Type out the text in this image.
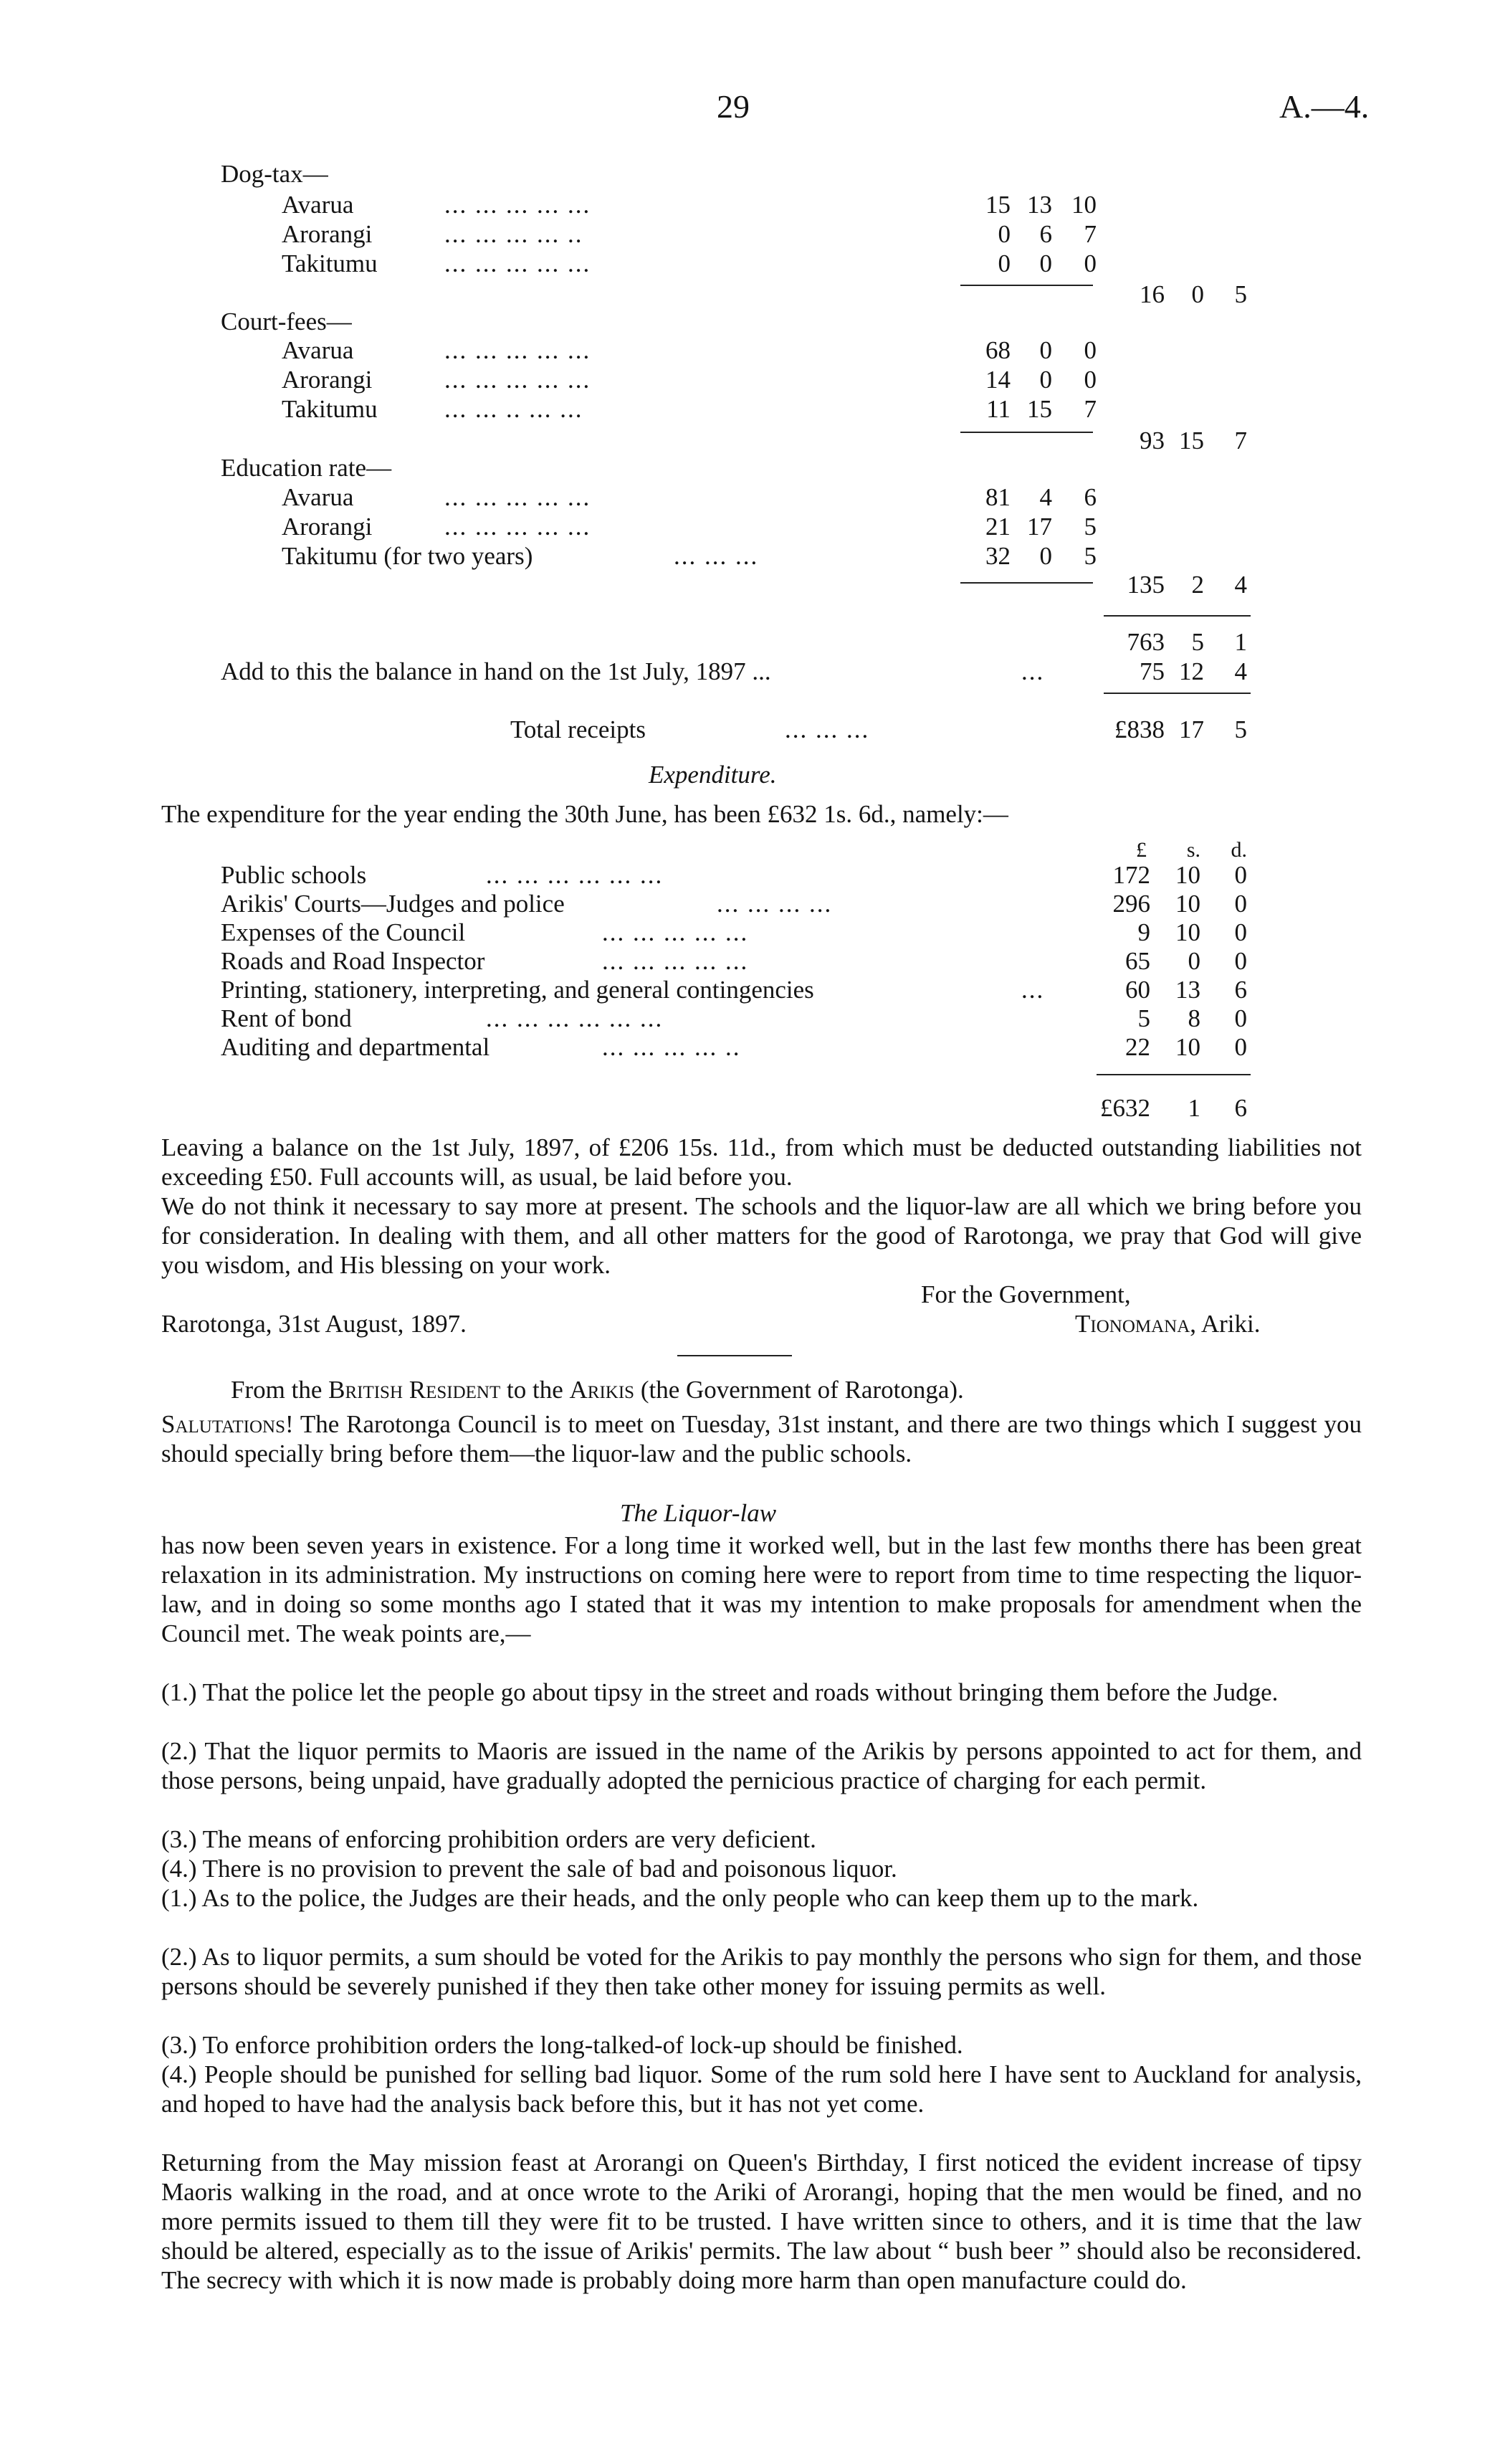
29	A.—4.
Dog-tax—
Avarua	... ... ... ... ...	15 13 10
Arorangi	... ... ... ... ..	0	6	7
Takitumu	... ... ... ... ...	0	0	0
16	0	5
Court-fees—
Avarua	... ... ... ... ...	68	0	0
Arorangi	... ... ... ... ...	14	0	0
Takitumu	... ... .. ... ...	11 15	7
93 15	7
Education rate—
Avarua	... ... ... ... ...	81	4	6
Arorangi	... ... ... ... ...	21 17	5
Takitumu (for two years)	... ... ...	32	0	5
135	2	4
763	5	1
Add to this the balance in hand on the 1st July, 1897 ...	...	75 12	4
Total receipts	... ... ...	£838 17	5
Expenditure.
The expenditure for the year ending the 30th June, has been £632 1s. 6d., namely:—
£	s.	d.
Public schools	... ... ... ... ... ...	172	10	0
Arikis' Courts—Judges and police	... ... ... ...	296	10	0
Expenses of the Council	... ... ... ... ...	9	10	0
Roads and Road Inspector	... ... ... ... ...	65	0	0
Printing, stationery, interpreting, and general contingencies	...	60	13	6
Rent of bond	... ... ... ... ... ...	5	8	0
Auditing and departmental	... ... ... ... ..	22	10	0
£632	1	6
Leaving a balance on the 1st July, 1897, of £206 15s. 11d., from which must be deducted outstanding liabilities not exceeding £50. Full accounts will, as usual, be laid before you.
We do not think it necessary to say more at present. The schools and the liquor-law are all which we bring before you for consideration. In dealing with them, and all other matters for the good of Rarotonga, we pray that God will give you wisdom, and His blessing on your work.
For the Government,
Rarotonga, 31st August, 1897.	Tionomana, Ariki.
From the British Resident to the Arikis (the Government of Rarotonga).
Salutations! The Rarotonga Council is to meet on Tuesday, 31st instant, and there are two things which I suggest you should specially bring before them—the liquor-law and the public schools.
The Liquor-law
has now been seven years in existence. For a long time it worked well, but in the last few months there has been great relaxation in its administration. My instructions on coming here were to report from time to time respecting the liquor-law, and in doing so some months ago I stated that it was my intention to make proposals for amendment when the Council met. The weak points are,—
(1.) That the police let the people go about tipsy in the street and roads without bringing them before the Judge.
(2.) That the liquor permits to Maoris are issued in the name of the Arikis by persons appointed to act for them, and those persons, being unpaid, have gradually adopted the pernicious practice of charging for each permit.
(3.) The means of enforcing prohibition orders are very deficient.
(4.) There is no provision to prevent the sale of bad and poisonous liquor.
(1.) As to the police, the Judges are their heads, and the only people who can keep them up to the mark.
(2.) As to liquor permits, a sum should be voted for the Arikis to pay monthly the persons who sign for them, and those persons should be severely punished if they then take other money for issuing permits as well.
(3.) To enforce prohibition orders the long-talked-of lock-up should be finished.
(4.) People should be punished for selling bad liquor. Some of the rum sold here I have sent to Auckland for analysis, and hoped to have had the analysis back before this, but it has not yet come.
Returning from the May mission feast at Arorangi on Queen's Birthday, I first noticed the evident increase of tipsy Maoris walking in the road, and at once wrote to the Ariki of Arorangi, hoping that the men would be fined, and no more permits issued to them till they were fit to be trusted. I have written since to others, and it is time that the law should be altered, especially as to the issue of Arikis' permits. The law about “ bush beer ” should also be reconsidered. The secrecy with which it is now made is probably doing more harm than open manufacture could do.
